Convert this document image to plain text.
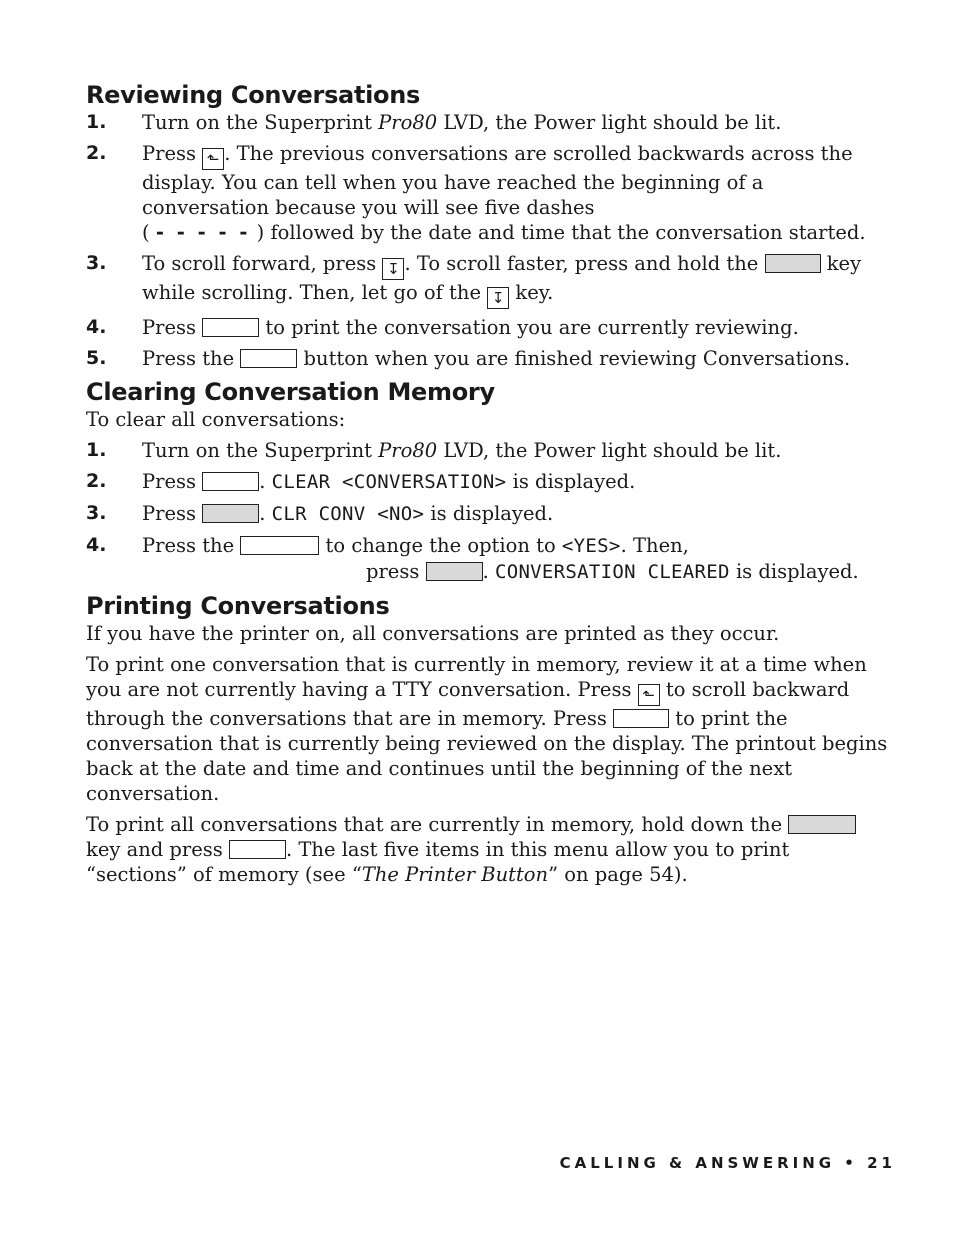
Reviewing Conversations
1.	Turn on the Superprint Pro80 LVD, the Power light should be lit.
2.	Press ⬑ . The previous conversations are scrolled backwards across the display. You can tell when you have reached the beginning of a conversation because you will see five dashes
( - - - - - ) followed by the date and time that the conversation started.
3.	To scroll forward, press ↧ . To scroll faster, press and hold the	key while scrolling. Then, let go of the ↧ key.
4.	Press	to print the conversation you are currently reviewing.
5.	Press the	button when you are finished reviewing Conversations.
Clearing Conversation Memory

To clear all conversations:

1.	Turn on the Superprint Pro80 LVD, the Power light should be lit.
2.	Press	. CLEAR <CONVERSATION> is displayed.
3.	Press	. CLR CONV <NO> is displayed.
4.	Press the	to change the option to <YES>. Then,
press	. CONVERSATION CLEARED is displayed.
Printing Conversations

If you have the printer on, all conversations are printed as they occur.

To print one conversation that is currently in memory, review it at a time when you are not currently having a TTY conversation. Press ⬑ to scroll backward through the conversations that are in memory. Press	to print the conversation that is currently being reviewed on the display. The printout begins back at the date and time and continues until the beginning of the next conversation.

To print all conversations that are currently in memory, hold down the  key and press	. The last five items in this menu allow you to print “sections” of memory (see “The Printer Button” on page 54).

CALLING & ANSWERING • 21
